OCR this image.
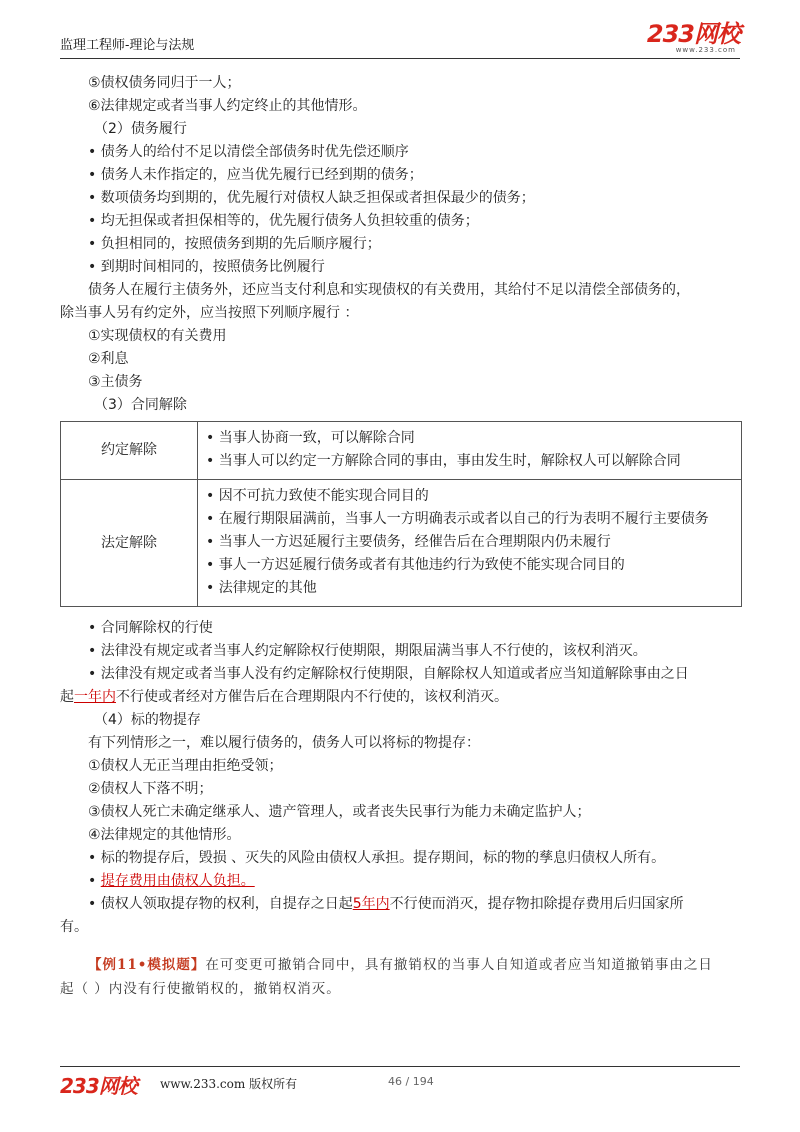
监理工程师-理论与法规	233网校
www.233.com

⑤债权债务同归于一人；

⑥法律规定或者当事人约定终止的其他情形。

（2）债务履行

• 债务人的给付不足以清偿全部债务时优先偿还顺序

• 债务人未作指定的，应当优先履行已经到期的债务；

• 数项债务均到期的，优先履行对债权人缺乏担保或者担保最少的债务；

• 均无担保或者担保相等的，优先履行债务人负担较重的债务；

• 负担相同的，按照债务到期的先后顺序履行；

• 到期时间相同的，按照债务比例履行

债务人在履行主债务外，还应当支付利息和实现债权的有关费用，其给付不足以清偿全部债务的，

除当事人另有约定外，应当按照下列顺序履行 ：

①实现债权的有关费用

②利息

③主债务

（3）合同解除

约定解除	• 当事人协商一致，可以解除合同
• 当事人可以约定一方解除合同的事由，事由发生时，解除权人可以解除合同

法定解除	• 因不可抗力致使不能实现合同目的
• 在履行期限届满前，当事人一方明确表示或者以自己的行为表明不履行主要债务
• 当事人一方迟延履行主要债务，经催告后在合理期限内仍未履行
• 事人一方迟延履行债务或者有其他违约行为致使不能实现合同目的
• 法律规定的其他

• 合同解除权的行使

• 法律没有规定或者当事人约定解除权行使期限，期限届满当事人不行使的，该权利消灭。

• 法律没有规定或者当事人没有约定解除权行使期限，自解除权人知道或者应当知道解除事由之日

起一年内不行使或者经对方催告后在合理期限内不行使的，该权利消灭。

（4）标的物提存

有下列情形之一，难以履行债务的，债务人可以将标的物提存：

①债权人无正当理由拒绝受领；

②债权人下落不明；

③债权人死亡未确定继承人、遗产管理人，或者丧失民事行为能力未确定监护人；

④法律规定的其他情形。

• 标的物提存后，毁损 、灭失的风险由债权人承担。提存期间，标的物的孳息归债权人所有。

• 提存费用由债权人负担。

• 债权人领取提存物的权利，自提存之日起5年内不行使而消灭，提存物扣除提存费用后归国家所

有。

【例11•模拟题】在可变更可撤销合同中，具有撤销权的当事人自知道或者应当知道撤销事由之日
起（ ）内没有行使撤销权的，撤销权消灭。
233网校 www.233.com 版权所有	46 / 194
